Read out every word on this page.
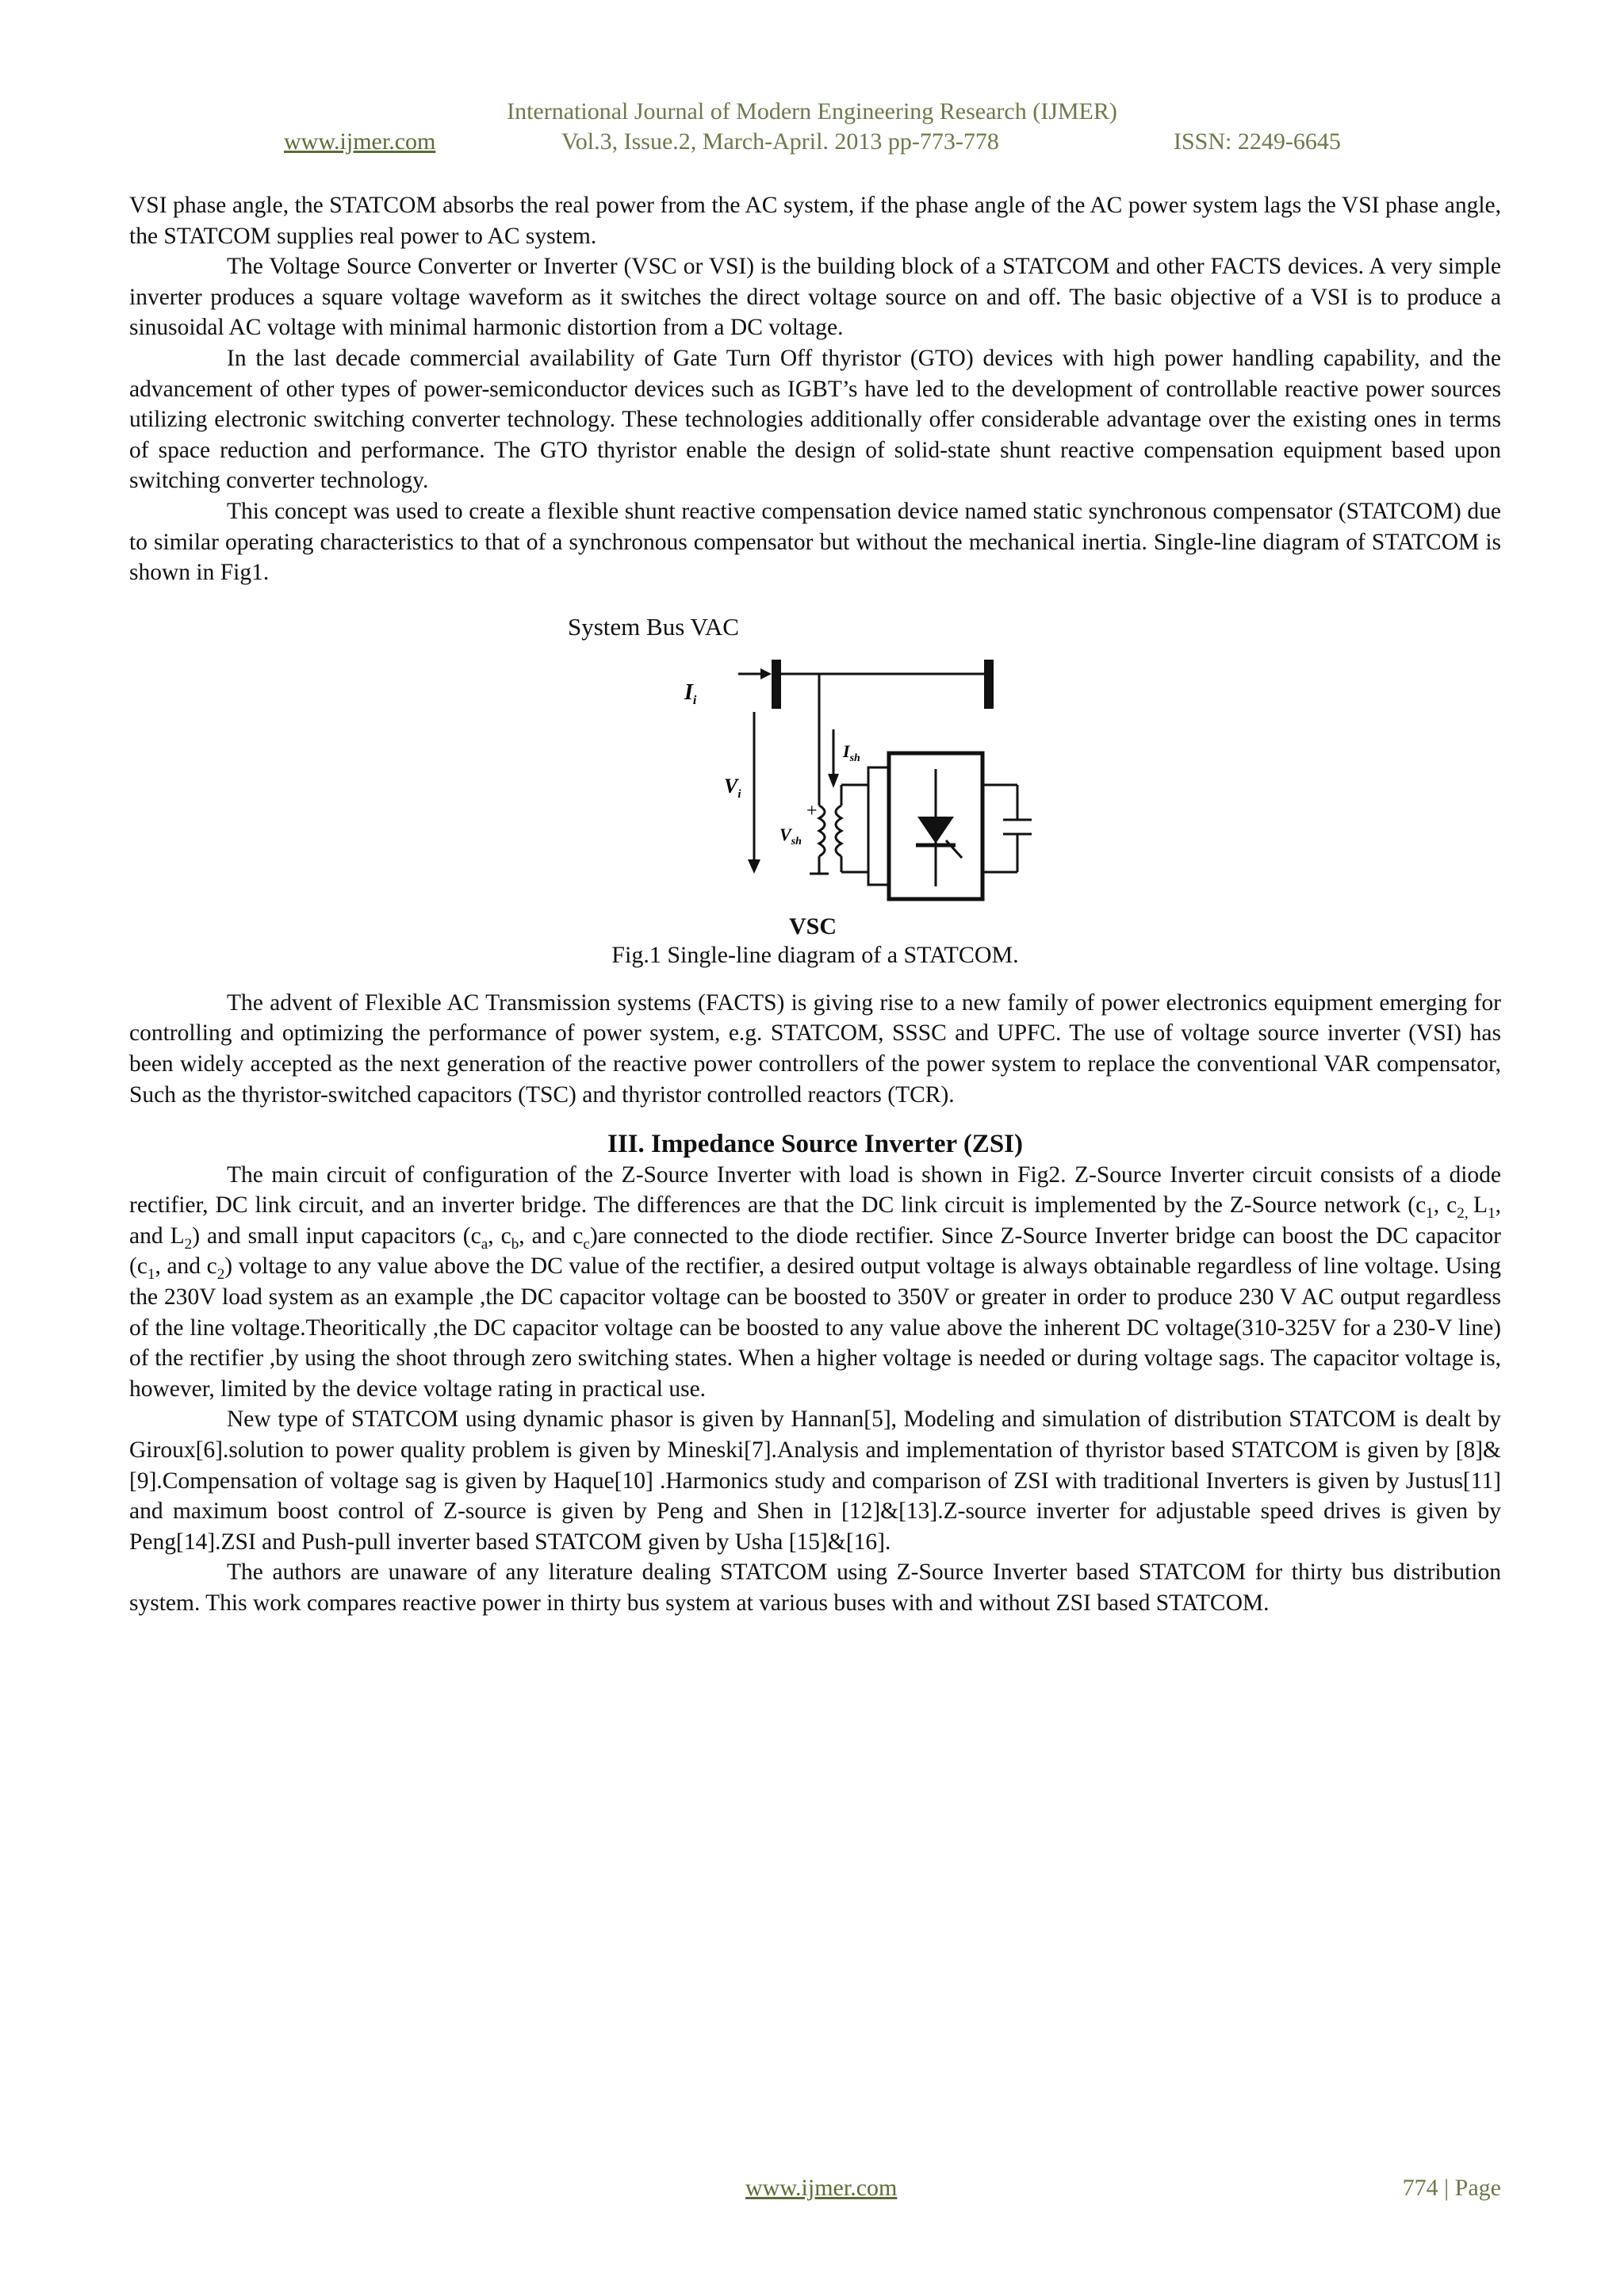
International Journal of Modern Engineering Research (IJMER)
www.ijmer.com	Vol.3, Issue.2, March-April. 2013 pp-773-778	ISSN: 2249-6645

VSI phase angle, the STATCOM absorbs the real power from the AC system, if the phase angle of the AC power system lags the VSI phase angle, the STATCOM supplies real power to AC system.

The Voltage Source Converter or Inverter (VSC or VSI) is the building block of a STATCOM and other FACTS devices. A very simple inverter produces a square voltage waveform as it switches the direct voltage source on and off. The basic objective of a VSI is to produce a sinusoidal AC voltage with minimal harmonic distortion from a DC voltage.

In the last decade commercial availability of Gate Turn Off thyristor (GTO) devices with high power handling capability, and the advancement of other types of power-semiconductor devices such as IGBT’s have led to the development of controllable reactive power sources utilizing electronic switching converter technology. These technologies additionally offer considerable advantage over the existing ones in terms of space reduction and performance. The GTO thyristor enable the design of solid-state shunt reactive compensation equipment based upon switching converter technology.

This concept was used to create a flexible shunt reactive compensation device named static synchronous compensator (STATCOM) due to similar operating characteristics to that of a synchronous compensator but without the mechanical inertia. Single-line diagram of STATCOM is shown in Fig1.

System Bus VAC
$I_i$
$V_i$
$I_{sh}$
+
$V_{sh}$
VSC
Fig.1 Single-line diagram of a STATCOM.

The advent of Flexible AC Transmission systems (FACTS) is giving rise to a new family of power electronics equipment emerging for controlling and optimizing the performance of power system, e.g. STATCOM, SSSC and UPFC. The use of voltage source inverter (VSI) has been widely accepted as the next generation of the reactive power controllers of the power system to replace the conventional VAR compensator, Such as the thyristor-switched capacitors (TSC) and thyristor controlled reactors (TCR).

III. Impedance Source Inverter (ZSI)

The main circuit of configuration of the Z-Source Inverter with load is shown in Fig2. Z-Source Inverter circuit consists of a diode rectifier, DC link circuit, and an inverter bridge. The differences are that the DC link circuit is implemented by the Z-Source network ($c_1$, $c_{2,}$ $L_1$, and $L_2$) and small input capacitors ($c_a$, $c_b$, and $c_c)are$ connected to the diode rectifier. Since Z-Source Inverter bridge can boost the DC capacitor ($c_1$, and $c_2$) voltage to any value above the DC value of the rectifier, a desired output voltage is always obtainable regardless of line voltage. Using the 230V load system as an example ,the DC capacitor voltage can be boosted to 350V or greater in order to produce 230 V AC output regardless of the line voltage.Theoritically ,the DC capacitor voltage can be boosted to any value above the inherent DC voltage(310-325V for a 230-V line) of the rectifier ,by using the shoot through zero switching states. When a higher voltage is needed or during voltage sags. The capacitor voltage is, however, limited by the device voltage rating in practical use.

New type of STATCOM using dynamic phasor is given by Hannan[5], Modeling and simulation of distribution STATCOM is dealt by Giroux[6].solution to power quality problem is given by Mineski[7].Analysis and implementation of thyristor based STATCOM is given by [8]&[9].Compensation of voltage sag is given by Haque[10] .Harmonics study and comparison of ZSI with traditional Inverters is given by Justus[11] and maximum boost control of Z-source is given by Peng and Shen in [12]&[13].Z-source inverter for adjustable speed drives is given by Peng[14].ZSI and Push-pull inverter based STATCOM given by Usha [15]&[16].

The authors are unaware of any literature dealing STATCOM using Z-Source Inverter based STATCOM for thirty bus distribution system. This work compares reactive power in thirty bus system at various buses with and without ZSI based STATCOM.

www.ijmer.com	774 | Page
